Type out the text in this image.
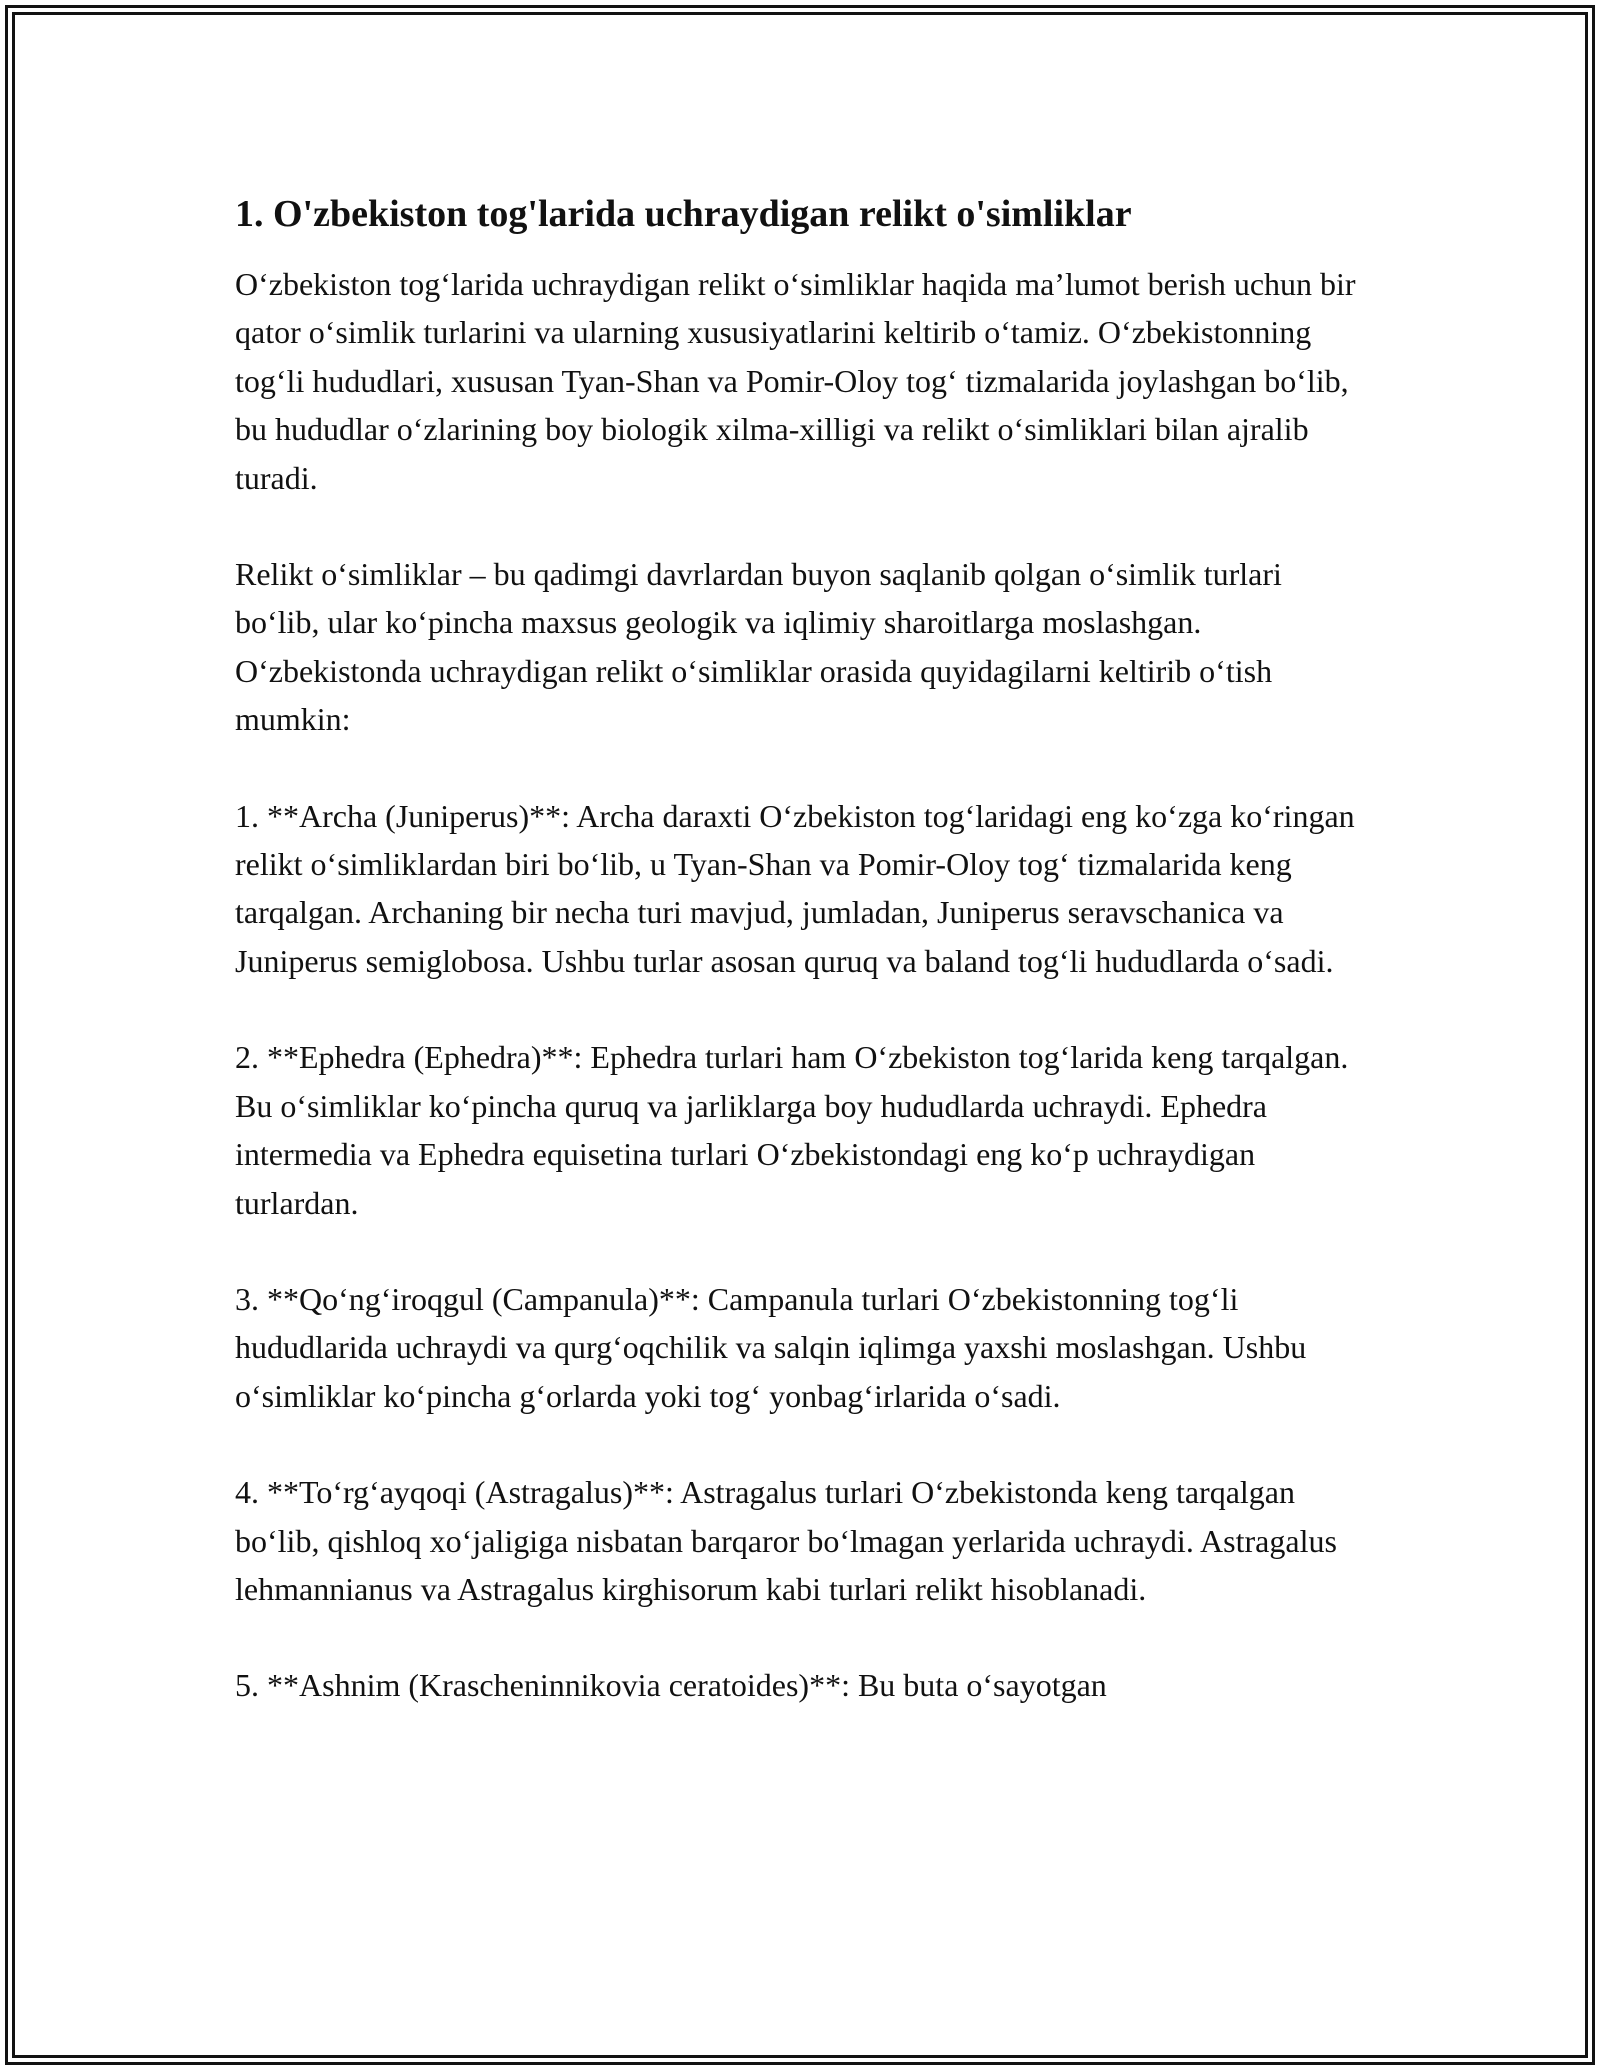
1. O'zbekiston tog'larida uchraydigan relikt o'simliklar

O‘zbekiston tog‘larida uchraydigan relikt o‘simliklar haqida ma’lumot berish uchun bir qator o‘simlik turlarini va ularning xususiyatlarini keltirib o‘tamiz. O‘zbekistonning tog‘li hududlari, xususan Tyan-Shan va Pomir-Oloy tog‘ tizmalarida joylashgan bo‘lib, bu hududlar o‘zlarining boy biologik xilma-xilligi va relikt o‘simliklari bilan ajralib turadi.

Relikt o‘simliklar – bu qadimgi davrlardan buyon saqlanib qolgan o‘simlik turlari bo‘lib, ular ko‘pincha maxsus geologik va iqlimiy sharoitlarga moslashgan. O‘zbekistonda uchraydigan relikt o‘simliklar orasida quyidagilarni keltirib o‘tish mumkin:

1. **Archa (Juniperus)**: Archa daraxti O‘zbekiston tog‘laridagi eng ko‘zga ko‘ringan relikt o‘simliklardan biri bo‘lib, u Tyan-Shan va Pomir-Oloy tog‘ tizmalarida keng tarqalgan. Archaning bir necha turi mavjud, jumladan, Juniperus seravschanica va Juniperus semiglobosa. Ushbu turlar asosan quruq va baland tog‘li hududlarda o‘sadi.

2. **Ephedra (Ephedra)**: Ephedra turlari ham O‘zbekiston tog‘larida keng tarqalgan. Bu o‘simliklar ko‘pincha quruq va jarliklarga boy hududlarda uchraydi. Ephedra intermedia va Ephedra equisetina turlari O‘zbekistondagi eng ko‘p uchraydigan turlardan.

3. **Qo‘ng‘iroqgul (Campanula)**: Campanula turlari O‘zbekistonning tog‘li hududlarida uchraydi va qurg‘oqchilik va salqin iqlimga yaxshi moslashgan. Ushbu o‘simliklar ko‘pincha g‘orlarda yoki tog‘ yonbag‘irlarida o‘sadi.

4. **To‘rg‘ayqoqi (Astragalus)**: Astragalus turlari O‘zbekistonda keng tarqalgan bo‘lib, qishloq xo‘jaligiga nisbatan barqaror bo‘lmagan yerlarida uchraydi. Astragalus lehmannianus va Astragalus kirghisorum kabi turlari relikt hisoblanadi.

5. **Ashnim (Krascheninnikovia ceratoides)**: Bu buta o‘sayotgan
